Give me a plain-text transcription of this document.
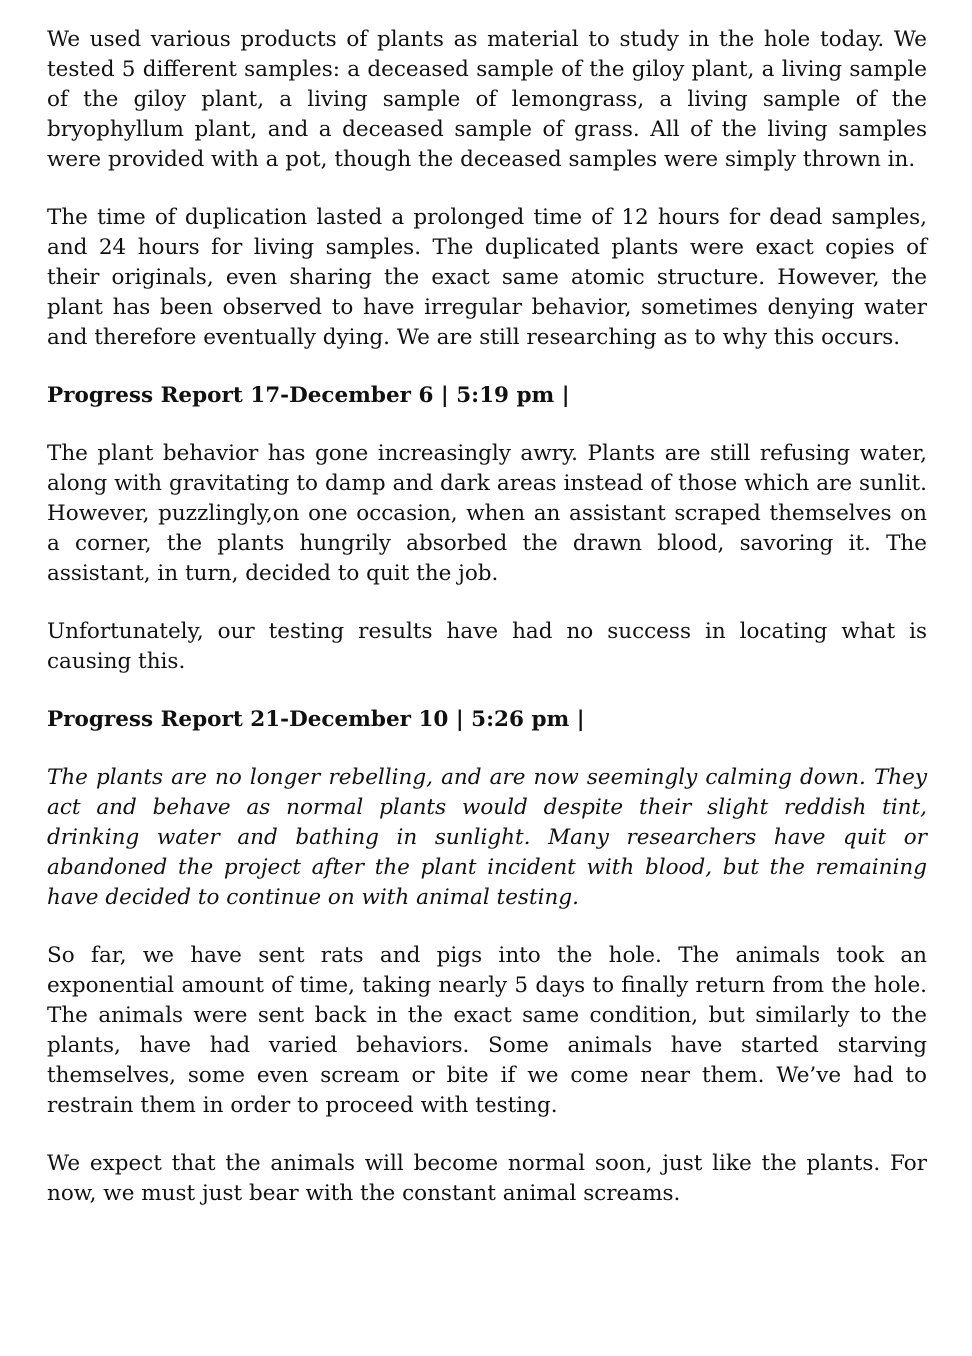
We used various products of plants as material to study in the hole today. We tested 5 different samples: a deceased sample of the giloy plant, a living sample of the giloy plant, a living sample of lemongrass, a living sample of the bryophyllum plant, and a deceased sample of grass. All of the living samples were provided with a pot, though the deceased samples were simply thrown in.

The time of duplication lasted a prolonged time of 12 hours for dead samples, and 24 hours for living samples. The duplicated plants were exact copies of their originals, even sharing the exact same atomic structure. However, the plant has been observed to have irregular behavior, sometimes denying water and therefore eventually dying. We are still researching as to why this occurs.

Progress Report 17-December 6 | 5:19 pm |

The plant behavior has gone increasingly awry. Plants are still refusing water, along with gravitating to damp and dark areas instead of those which are sunlit. However, puzzlingly,on one occasion, when an assistant scraped themselves on a corner, the plants hungrily absorbed the drawn blood, savoring it. The assistant, in turn, decided to quit the job.

Unfortunately, our testing results have had no success in locating what is causing this.

Progress Report 21-December 10 | 5:26 pm |

The plants are no longer rebelling, and are now seemingly calming down. They act and behave as normal plants would despite their slight reddish tint, drinking water and bathing in sunlight. Many researchers have quit or abandoned the project after the plant incident with blood, but the remaining have decided to continue on with animal testing.

So far, we have sent rats and pigs into the hole. The animals took an exponential amount of time, taking nearly 5 days to finally return from the hole. The animals were sent back in the exact same condition, but similarly to the plants, have had varied behaviors. Some animals have started starving themselves, some even scream or bite if we come near them. We’ve had to restrain them in order to proceed with testing.

We expect that the animals will become normal soon, just like the plants. For now, we must just bear with the constant animal screams.
